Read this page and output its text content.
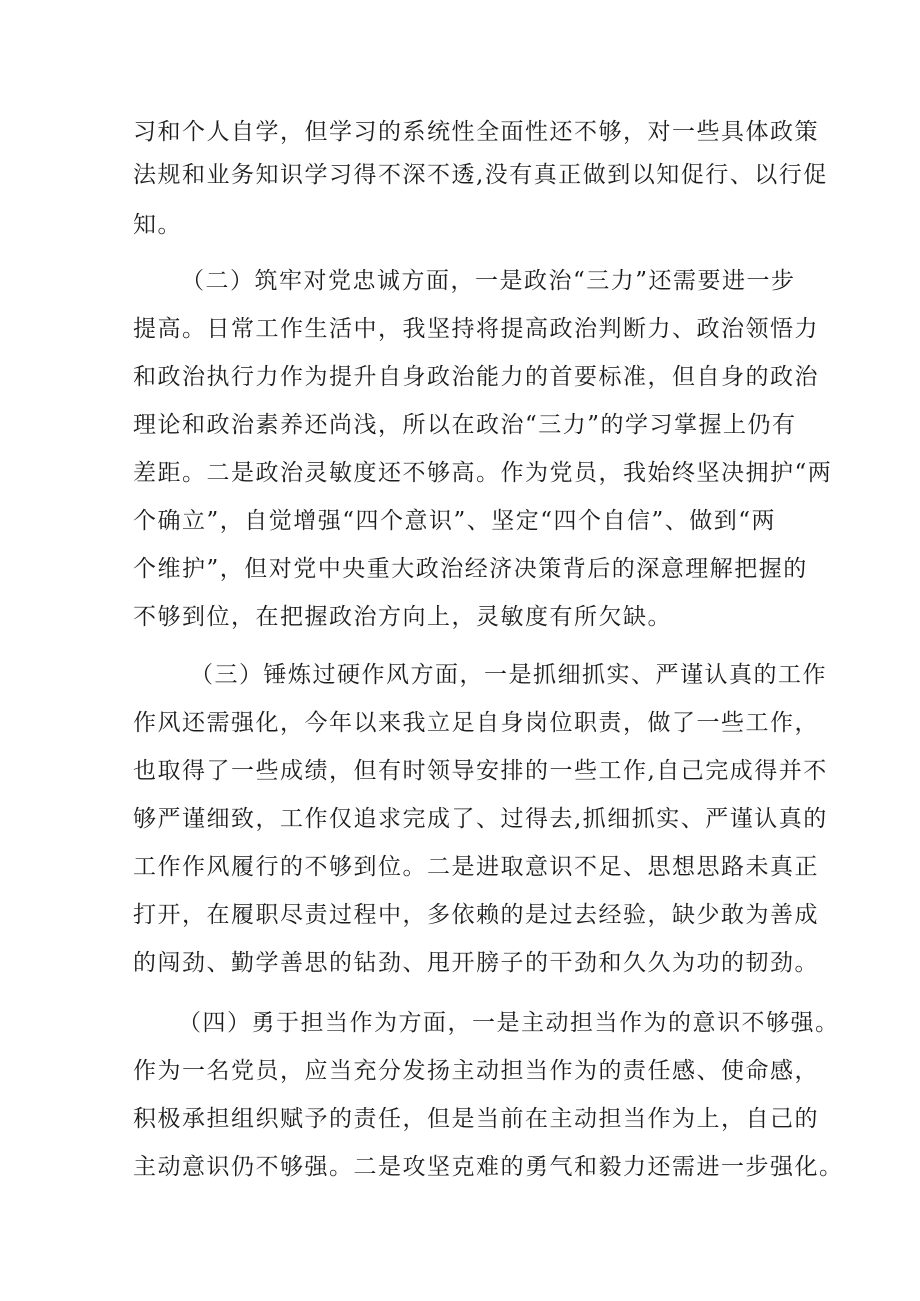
习和个人自学，但学习的系统性全面性还不够，对一些具体政策
法规和业务知识学习得不深不透,没有真正做到以知促行、以行促
知。
（二）筑牢对党忠诚方面，一是政治“三力”还需要进一步
提高。日常工作生活中，我坚持将提高政治判断力、政治领悟力
和政治执行力作为提升自身政治能力的首要标准，但自身的政治
理论和政治素养还尚浅，所以在政治“三力”的学习掌握上仍有
差距。二是政治灵敏度还不够高。作为党员，我始终坚决拥护“两
个确立”，自觉增强“四个意识”、坚定“四个自信”、做到“两
个维护”，但对党中央重大政治经济决策背后的深意理解把握的
不够到位，在把握政治方向上，灵敏度有所欠缺。
（三）锤炼过硬作风方面，一是抓细抓实、严谨认真的工作
作风还需强化，今年以来我立足自身岗位职责，做了一些工作，
也取得了一些成绩，但有时领导安排的一些工作,自己完成得并不
够严谨细致，工作仅追求完成了、过得去,抓细抓实、严谨认真的
工作作风履行的不够到位。二是进取意识不足、思想思路未真正
打开，在履职尽责过程中，多依赖的是过去经验，缺少敢为善成
的闯劲、勤学善思的钻劲、甩开膀子的干劲和久久为功的韧劲。
（四）勇于担当作为方面，一是主动担当作为的意识不够强。
作为一名党员，应当充分发扬主动担当作为的责任感、使命感，
积极承担组织赋予的责任，但是当前在主动担当作为上，自己的
主动意识仍不够强。二是攻坚克难的勇气和毅力还需进一步强化。
